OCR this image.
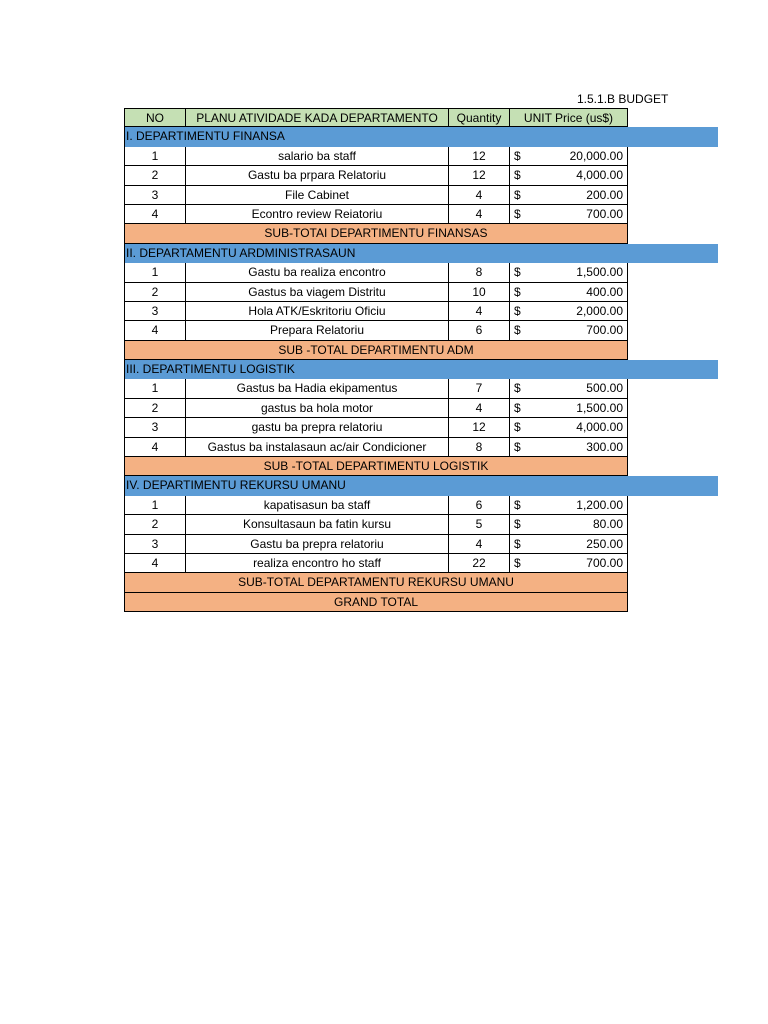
1.5.1.B BUDGET
NO	PLANU ATIVIDADE KADA DEPARTAMENTO	Quantity	UNIT Price (us$)
I. DEPARTIMENTU FINANSA
1	salario ba staff	12	$	20,000.00
2	Gastu ba prpara Relatoriu	12	$	4,000.00
3	File Cabinet	4	$	200.00
4	Econtro review Reiatoriu	4	$	700.00
SUB-TOTAI DEPARTIMENTU FINANSAS
II. DEPARTAMENTU ARDMINISTRASAUN
1	Gastu ba realiza encontro	8	$	1,500.00
2	Gastus ba viagem Distritu	10	$	400.00
3	Hola ATK/Eskritoriu Oficiu	4	$	2,000.00
4	Prepara Relatoriu	6	$	700.00
SUB -TOTAL DEPARTIMENTU ADM
III. DEPARTIMENTU LOGISTIK
1	Gastus ba Hadia ekipamentus	7	$	500.00
2	gastus ba hola motor	4	$	1,500.00
3	gastu ba prepra relatoriu	12	$	4,000.00
4	Gastus ba instalasaun ac/air Condicioner	8	$	300.00
SUB -TOTAL DEPARTIMENTU LOGISTIK
IV. DEPARTIMENTU REKURSU UMANU
1	kapatisasun ba staff	6	$	1,200.00
2	Konsultasaun ba fatin kursu	5	$	80.00
3	Gastu ba prepra relatoriu	4	$	250.00
4	realiza encontro ho staff	22	$	700.00
SUB-TOTAL DEPARTAMENTU REKURSU UMANU
GRAND TOTAL
